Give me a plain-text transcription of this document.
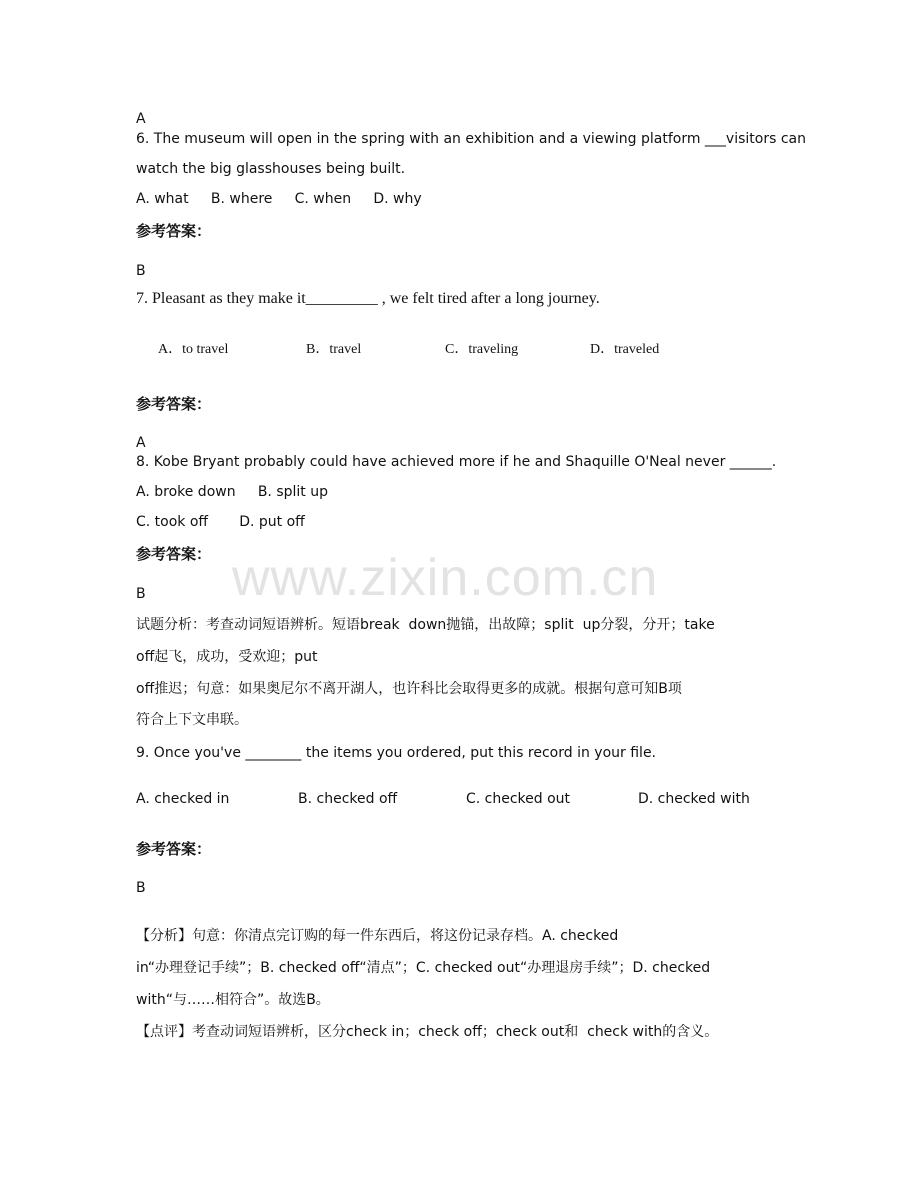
www.zixin.com.cn
A
6. The museum will open in the spring with an exhibition and a viewing platform ___visitors can
watch the big glasshouses being built.
A. what     B. where     C. when     D. why
参考答案：
B
7. Pleasant as they make it_________ , we felt tired after a long journey.
A．to travel	B．travel	C．traveling	D．traveled
参考答案：
A
8. Kobe Bryant probably could have achieved more if he and Shaquille O'Neal never ______.
A. broke down     B. split up
C. took off       D. put off
参考答案：
B
试题分析：考查动词短语辨析。短语break  down抛锚，出故障；split  up分裂，分开；take
off起飞，成功，受欢迎；put
off推迟；句意：如果奥尼尔不离开湖人，也许科比会取得更多的成就。根据句意可知B项
符合上下文串联。
9. Once you've ________ the items you ordered, put this record in your file.
A. checked in	B. checked off	C. checked out	D. checked with
参考答案：
B
【分析】句意：你清点完订购的每一件东西后，将这份记录存档。A. checked
in“办理登记手续”；B. checked off“清点”；C. checked out“办理退房手续”；D. checked
with“与……相符合”。故选B。
【点评】考查动词短语辨析，区分check in；check off；check out和  check with的含义。
